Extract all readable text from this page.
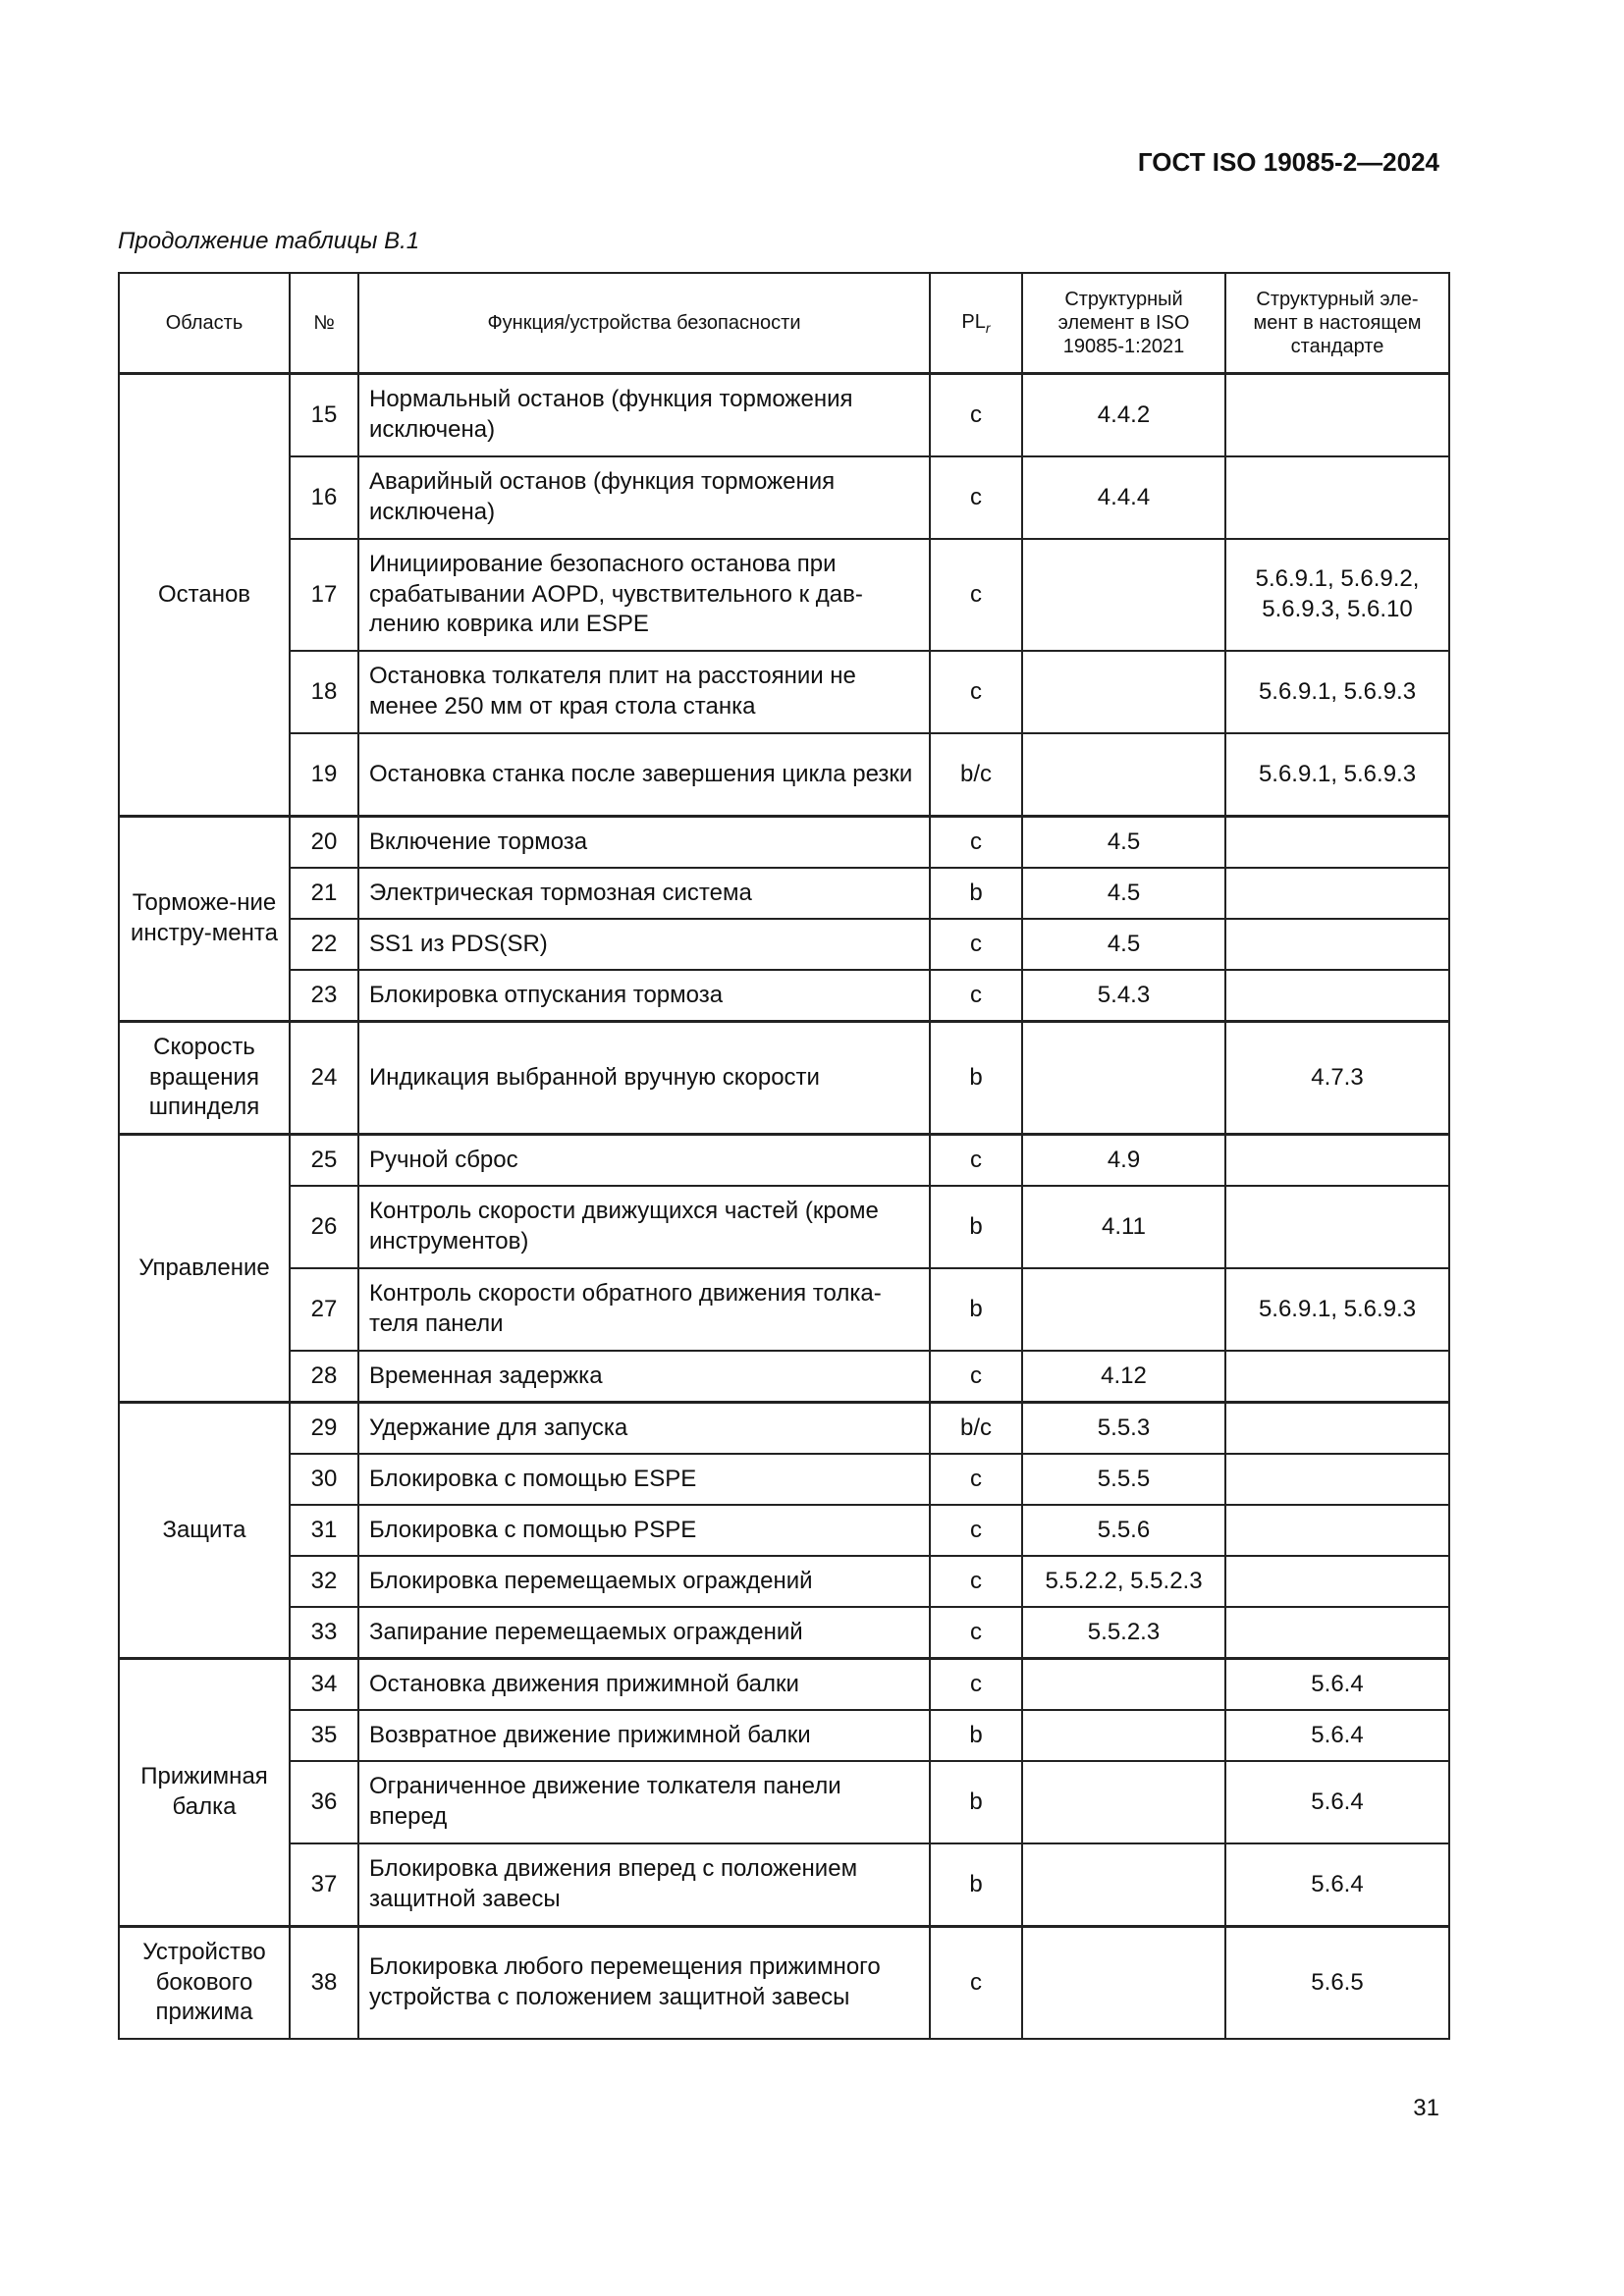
ГОСТ ISO 19085-2—2024
Продолжение таблицы B.1
Область	№	Функция/устройства безопасности	$PL_r$	Структурный элемент в ISO 19085-1:2021	Структурный эле-мент в настоящем стандарте
Останов	15	Нормальный останов (функция торможения исключена)	c	4.4.2	
	16	Аварийный останов (функция торможения исключена)	c	4.4.4	
	17	Инициирование безопасного останова при срабатывании AOPD, чувствительного к дав-лению коврика или ESPE	c		5.6.9.1, 5.6.9.2, 5.6.9.3, 5.6.10
	18	Остановка толкателя плит на расстоянии не менее 250 мм от края стола станка	c		5.6.9.1, 5.6.9.3
	19	Остановка станка после завершения цикла резки	b/c		5.6.9.1, 5.6.9.3
Торможе-ние инстру-мента	20	Включение тормоза	c	4.5	
	21	Электрическая тормозная система	b	4.5	
	22	SS1 из PDS(SR)	c	4.5	
	23	Блокировка отпускания тормоза	c	5.4.3	
Скорость вращения шпинделя	24	Индикация выбранной вручную скорости	b		4.7.3
Управление	25	Ручной сброс	c	4.9	
	26	Контроль скорости движущихся частей (кроме инструментов)	b	4.11	
	27	Контроль скорости обратного движения толка-теля панели	b		5.6.9.1, 5.6.9.3
	28	Временная задержка	c	4.12	
Защита	29	Удержание для запуска	b/c	5.5.3	
	30	Блокировка с помощью ESPE	c	5.5.5	
	31	Блокировка с помощью PSPE	c	5.5.6	
	32	Блокировка перемещаемых ограждений	c	5.5.2.2, 5.5.2.3	
	33	Запирание перемещаемых ограждений	c	5.5.2.3	
Прижимная балка	34	Остановка движения прижимной балки	c		5.6.4
	35	Возвратное движение прижимной балки	b		5.6.4
	36	Ограниченное движение толкателя панели вперед	b		5.6.4
	37	Блокировка движения вперед с положением защитной завесы	b		5.6.4
Устройство бокового прижима	38	Блокировка любого перемещения прижимного устройства с положением защитной завесы	c		5.6.5
31
